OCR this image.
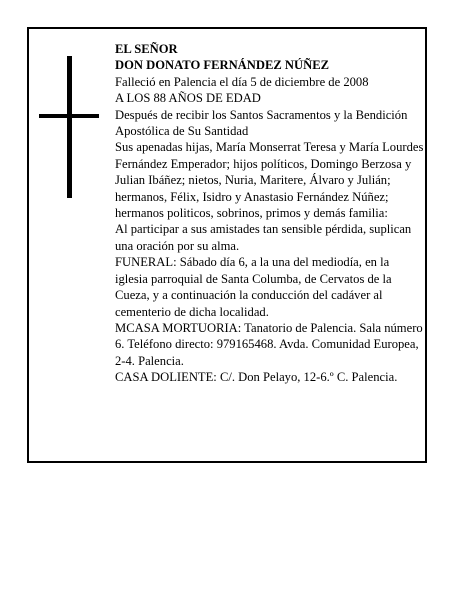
EL SEÑOR

DON DONATO FERNÁNDEZ NÚÑEZ

Falleció en Palencia el día 5 de diciembre de 2008

A LOS 88 AÑOS DE EDAD

Después de recibir los Santos Sacramentos y la Bendición Apostólica de Su Santidad

Sus apenadas hijas, María Monserrat Teresa y María Lourdes Fernández Emperador; hijos políticos, Domingo Berzosa y Julian Ibáñez; nietos, Nuria, Maritere, Álvaro y Julián; hermanos, Félix, Isidro y Anastasio Fernández Núñez; hermanos politicos, sobrinos, primos y demás familia:

Al participar a sus amistades tan sensible pérdida, suplican una oración por su alma.

FUNERAL: Sábado día 6, a la una del mediodía, en la iglesia parroquial de Santa Columba, de Cervatos de la Cueza, y a continuación la conducción del cadáver al cementerio de dicha localidad.

MCASA MORTUORIA: Tanatorio de Palencia. Sala número 6. Teléfono directo: 979165468. Avda. Comunidad Europea, 2-4. Palencia.

CASA DOLIENTE: C/. Don Pelayo, 12-6.º C. Palencia.
